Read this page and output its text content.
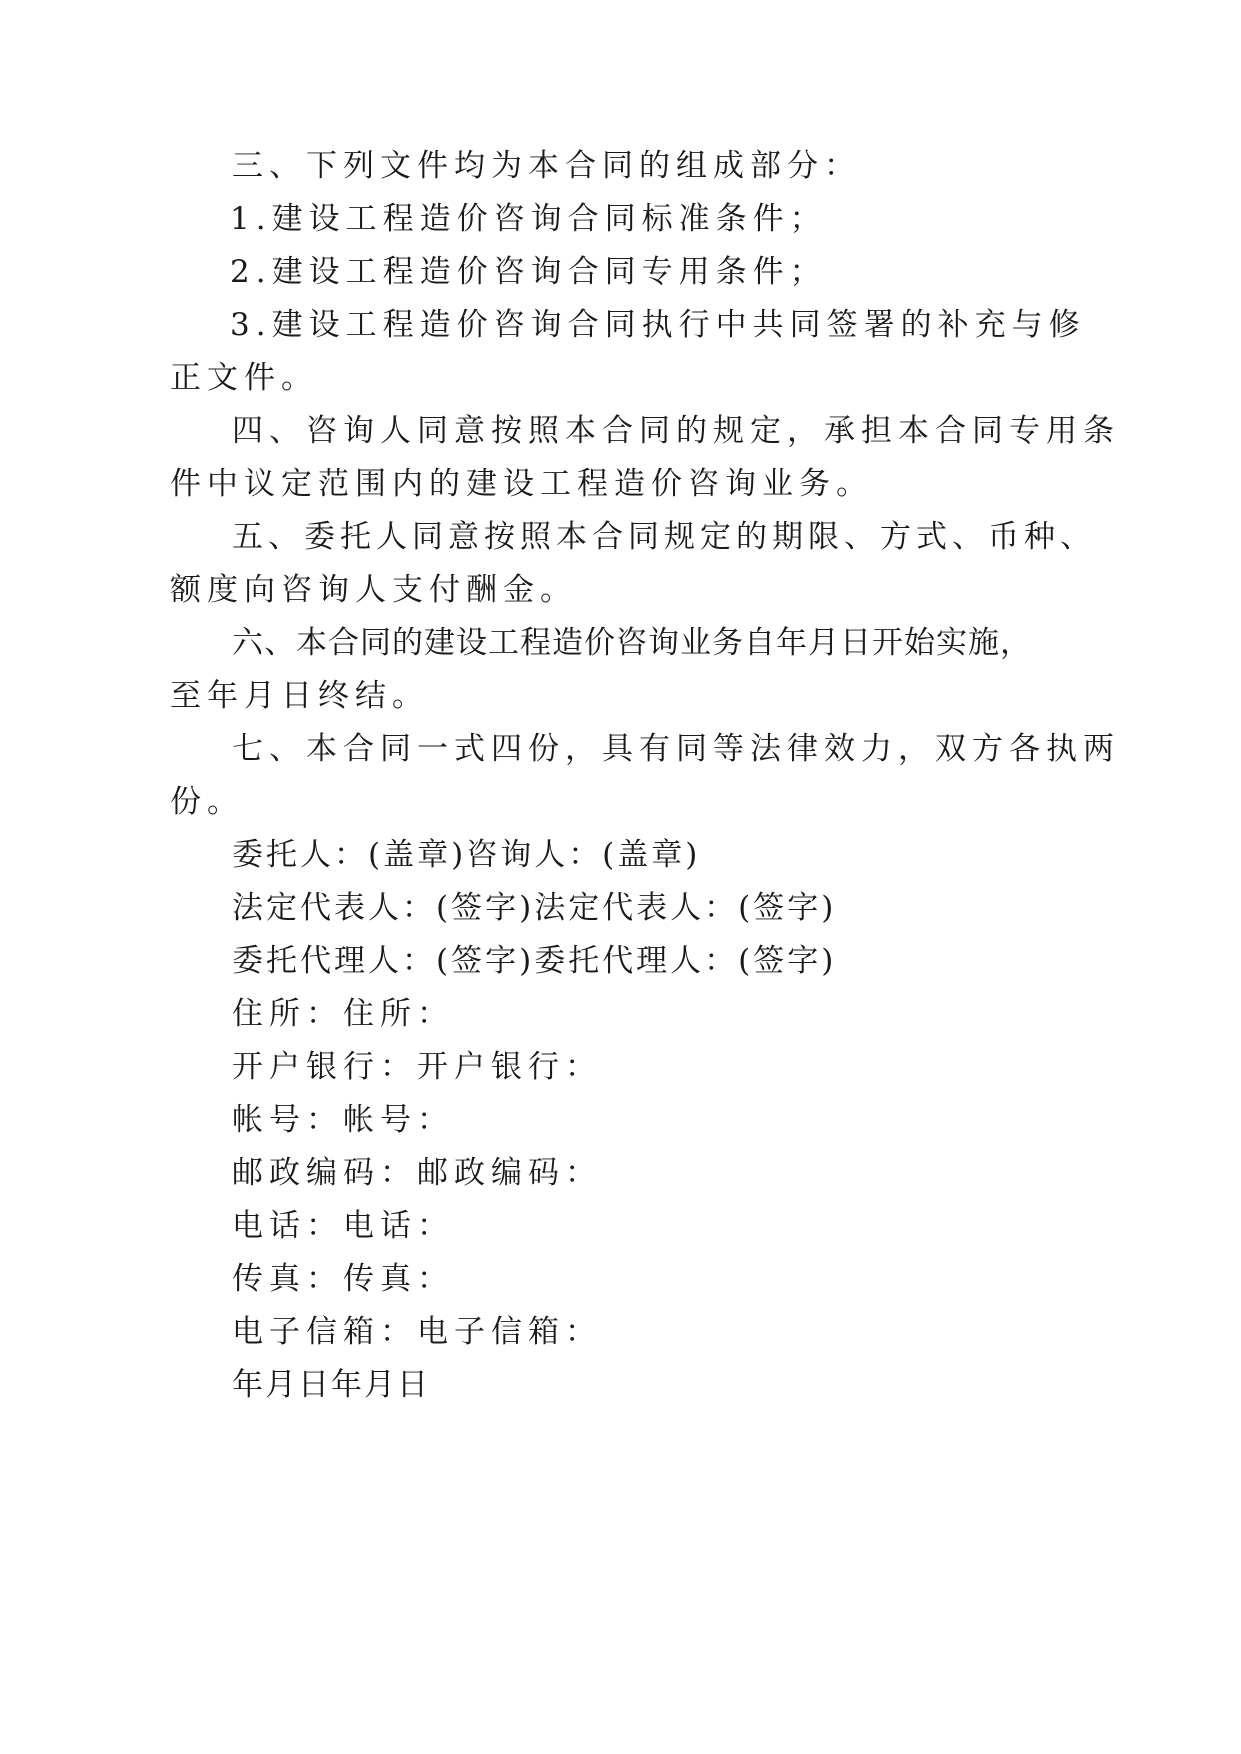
三、下列文件均为本合同的组成部分：
1.建设工程造价咨询合同标准条件；
2.建设工程造价咨询合同专用条件；
3.建设工程造价咨询合同执行中共同签署的补充与修
正文件。
四、咨询人同意按照本合同的规定，承担本合同专用条
件中议定范围内的建设工程造价咨询业务。
五、委托人同意按照本合同规定的期限、方式、币种、
额度向咨询人支付酬金。
六、本合同的建设工程造价咨询业务自年月日开始实施，
至年月日终结。
七、本合同一式四份，具有同等法律效力，双方各执两
份。
委托人：(盖章)咨询人：(盖章)
法定代表人：(签字)法定代表人：(签字)
委托代理人：(签字)委托代理人：(签字)
住所：住所：
开户银行：开户银行：
帐号：帐号：
邮政编码：邮政编码：
电话：电话：
传真：传真：
电子信箱：电子信箱：
年月日年月日
